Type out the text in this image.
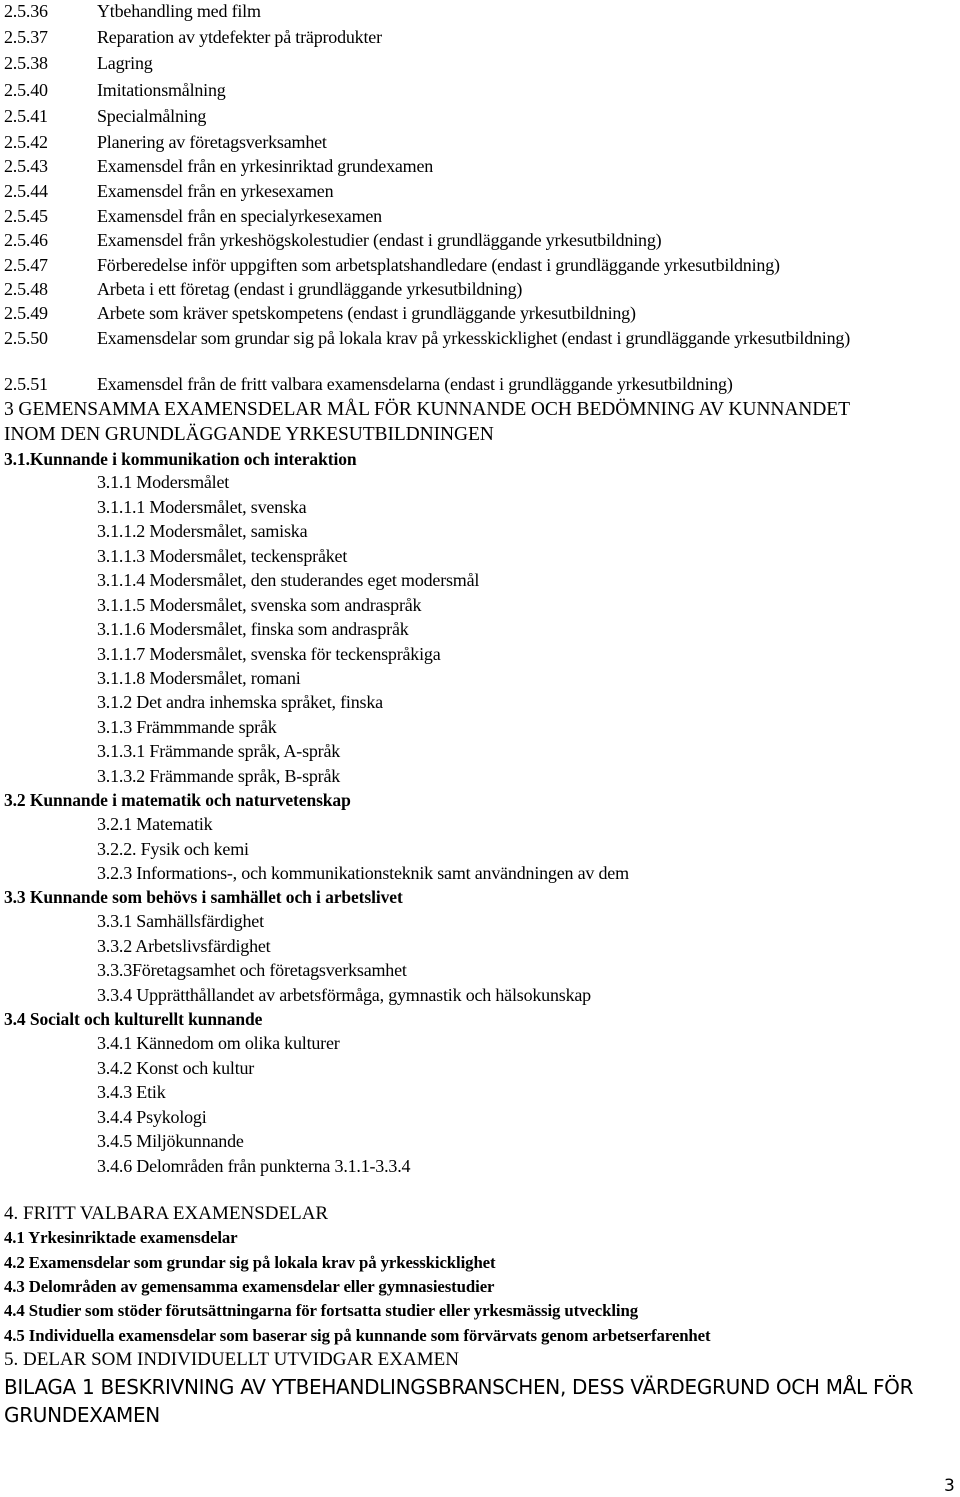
2.5.36	Ytbehandling med film
2.5.37	Reparation av ytdefekter på träprodukter
2.5.38	Lagring
2.5.40	Imitationsmålning
2.5.41	Specialmålning
2.5.42	Planering av företagsverksamhet
2.5.43	Examensdel från en yrkesinriktad grundexamen
2.5.44	Examensdel från en yrkesexamen
2.5.45	Examensdel från en specialyrkesexamen
2.5.46	Examensdel från yrkeshögskolestudier (endast i grundläggande yrkesutbildning)
2.5.47	Förberedelse inför uppgiften som arbetsplatshandledare (endast i grundläggande yrkesutbildning)
2.5.48	Arbeta i ett företag (endast i grundläggande yrkesutbildning)
2.5.49	Arbete som kräver spetskompetens (endast i grundläggande yrkesutbildning)
2.5.50	Examensdelar som grundar sig på lokala krav på yrkesskicklighet (endast i grundläggande yrkesutbildning)
2.5.51	Examensdel från de fritt valbara examensdelarna (endast i grundläggande yrkesutbildning)
3 GEMENSAMMA EXAMENSDELAR MÅL FÖR KUNNANDE OCH BEDÖMNING AV KUNNANDET INOM DEN GRUNDLÄGGANDE YRKESUTBILDNINGEN
3.1.Kunnande i kommunikation och interaktion
3.1.1 Modersmålet
3.1.1.1 Modersmålet, svenska
3.1.1.2 Modersmålet, samiska
3.1.1.3 Modersmålet, teckenspråket
3.1.1.4 Modersmålet, den studerandes eget modersmål
3.1.1.5 Modersmålet, svenska som andraspråk
3.1.1.6 Modersmålet, finska som andraspråk
3.1.1.7 Modersmålet, svenska för teckenspråkiga
3.1.1.8 Modersmålet, romani
3.1.2 Det andra inhemska språket, finska
3.1.3 Främmmande språk
3.1.3.1 Främmande språk, A-språk
3.1.3.2 Främmande språk, B-språk
3.2 Kunnande i matematik och naturvetenskap
3.2.1 Matematik
3.2.2. Fysik och kemi
3.2.3 Informations-, och kommunikationsteknik samt användningen av dem
3.3 Kunnande som behövs i samhället och i arbetslivet
3.3.1 Samhällsfärdighet
3.3.2 Arbetslivsfärdighet
3.3.3Företagsamhet och företagsverksamhet
3.3.4 Upprätthållandet av arbetsförmåga, gymnastik och hälsokunskap
3.4 Socialt och kulturellt kunnande
3.4.1 Kännedom om olika kulturer
3.4.2 Konst och kultur
3.4.3 Etik
3.4.4 Psykologi
3.4.5 Miljökunnande
3.4.6 Delområden från punkterna 3.1.1-3.3.4
4. FRITT VALBARA EXAMENSDELAR
4.1 Yrkesinriktade examensdelar
4.2 Examensdelar som grundar sig på lokala krav på yrkesskicklighet
4.3 Delområden av gemensamma examensdelar eller gymnasiestudier
4.4 Studier som stöder förutsättningarna för fortsatta studier eller yrkesmässig utveckling
4.5 Individuella examensdelar som baserar sig på kunnande som förvärvats genom arbetserfarenhet
5. DELAR SOM INDIVIDUELLT UTVIDGAR EXAMEN
BILAGA 1 BESKRIVNING AV YTBEHANDLINGSBRANSCHEN, DESS VÄRDEGRUND OCH MÅL FÖR GRUNDEXAMEN
3
